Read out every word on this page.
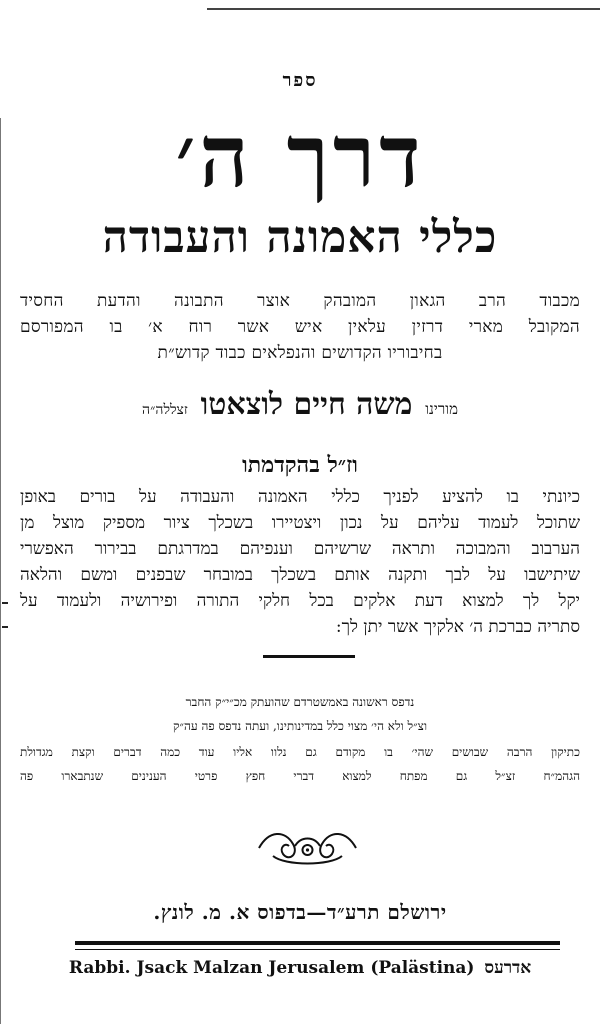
ספר
דרך ה׳
כללי האמונה והעבודה
מכבוד הרב הגאון המובהק אוצר התבונה והדעת החסיד
המקובל מארי דרזין עלאין איש אשר רוח א׳ בו המפורסם
בחיבוריו הקדושים והנפלאים כבוד קדוש״ת
מורינו משה חיים לוצאטו זצללה״ה
וז״ל בהקדמתו
כיונתי בו להציע לפניך כללי האמונה והעבודה על בורים באופן
שתוכל לעמוד עליהם על נכון ויצטיירו בשכלך ציור מספיק מוצל מן
הערבוב והמבוכה ותראה שרשיהם וענפיהם במדרגתם בבירור האפשרי
שיתישבו על לבך ותקנה אותם בשכלך במובחר שבפנים ומשם והלאה
יקל לך למצוא דעת אלקים בכל חלקי התורה ופירושיה ולעמוד על
סתריה כברכת ה׳ אלקיך אשר יתן לך:
נדפס ראשונה באמשטרדם שהועתק מכ״י״ק החבר
וצ״ל ולא הי׳ מצוי כלל במדינותינו, ועתה נדפס פה עה״ק
כתיקון הרבה שבושים שהי׳ בו מקודם גם נלוו אליו עוד כמה דברים וקצת מגדולת
הגהמ״ח זצ״ל גם מפתח למצוא דברי חפץ פרטי הענינים שנתבארו פה
ירושלם תרע״ד—בדפוס א. מ. לונץ.
Rabbi. Jsack Malzan Jerusalem (Palästina) אדרעס
